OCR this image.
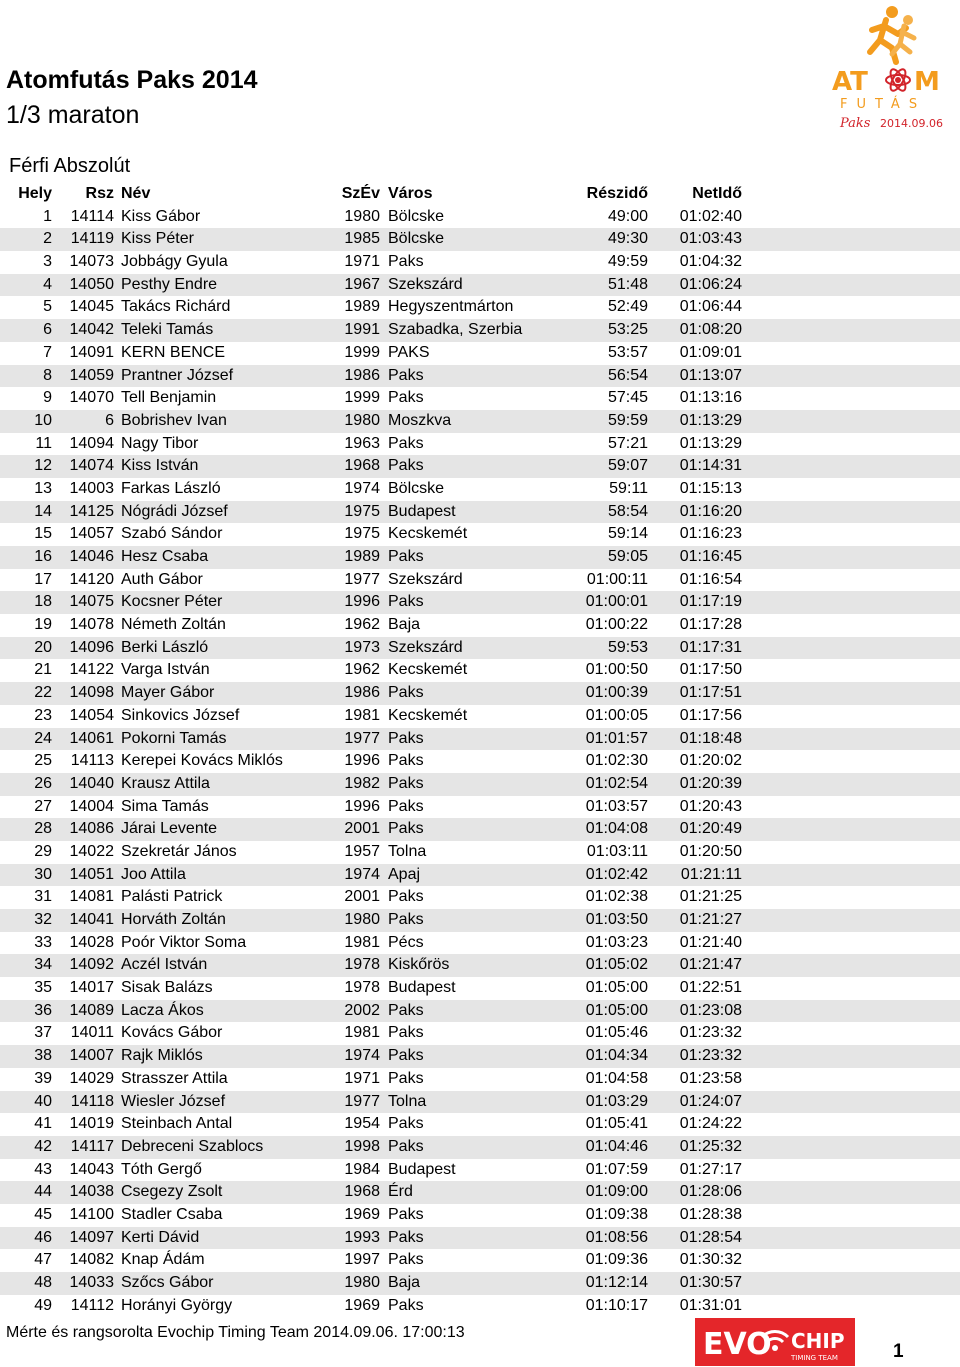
Atomfutás Paks 2014
1/3 maraton
Férfi Abszolút
AT M
FUTÁS
Paks 2014.09.06
Hely Rsz Név	SzÉv Város	Részidő	NetIdő
1 14114 Kiss Gábor	1980 Bölcske	49:00 01:02:40
2 14119 Kiss Péter	1985 Bölcske	49:30 01:03:43
3 14073 Jobbágy Gyula	1971 Paks	49:59 01:04:32
4 14050 Pesthy Endre	1967 Szekszárd	51:48 01:06:24
5 14045 Takács Richárd	1989 Hegyszentmárton	52:49 01:06:44
6 14042 Teleki Tamás	1991 Szabadka, Szerbia	53:25 01:08:20
7 14091 KERN BENCE	1999 PAKS	53:57 01:09:01
8 14059 Prantner József	1986 Paks	56:54 01:13:07
9 14070 Tell Benjamin	1999 Paks	57:45 01:13:16
10	6 Bobrishev Ivan	1980 Moszkva	59:59 01:13:29
11 14094 Nagy Tibor	1963 Paks	57:21 01:13:29
12 14074 Kiss István	1968 Paks	59:07 01:14:31
13 14003 Farkas László	1974 Bölcske	59:11 01:15:13
14 14125 Nógrádi József	1975 Budapest	58:54 01:16:20
15 14057 Szabó Sándor	1975 Kecskemét	59:14 01:16:23
16 14046 Hesz Csaba	1989 Paks	59:05 01:16:45
17 14120 Auth Gábor	1977 Szekszárd	01:00:11 01:16:54
18 14075 Kocsner Péter	1996 Paks	01:00:01 01:17:19
19 14078 Németh Zoltán	1962 Baja	01:00:22 01:17:28
20 14096 Berki László	1973 Szekszárd	59:53 01:17:31
21 14122 Varga István	1962 Kecskemét	01:00:50 01:17:50
22 14098 Mayer Gábor	1986 Paks	01:00:39 01:17:51
23 14054 Sinkovics József	1981 Kecskemét	01:00:05 01:17:56
24 14061 Pokorni Tamás	1977 Paks	01:01:57 01:18:48
25 14113 Kerepei Kovács Miklós	1996 Paks	01:02:30 01:20:02
26 14040 Krausz Attila	1982 Paks	01:02:54 01:20:39
27 14004 Sima Tamás	1996 Paks	01:03:57 01:20:43
28 14086 Járai Levente	2001 Paks	01:04:08 01:20:49
29 14022 Szekretár János	1957 Tolna	01:03:11 01:20:50
30 14051 Joo Attila	1974 Apaj	01:02:42 01:21:11
31 14081 Palásti Patrick	2001 Paks	01:02:38 01:21:25
32 14041 Horváth Zoltán	1980 Paks	01:03:50 01:21:27
33 14028 Poór Viktor Soma	1981 Pécs	01:03:23 01:21:40
34 14092 Aczél István	1978 Kiskőrös	01:05:02 01:21:47
35 14017 Sisak Balázs	1978 Budapest	01:05:00 01:22:51
36 14089 Lacza Ákos	2002 Paks	01:05:00 01:23:08
37 14011 Kovács Gábor	1981 Paks	01:05:46 01:23:32
38 14007 Rajk Miklós	1974 Paks	01:04:34 01:23:32
39 14029 Strasszer Attila	1971 Paks	01:04:58 01:23:58
40 14118 Wiesler József	1977 Tolna	01:03:29 01:24:07
41 14019 Steinbach Antal	1954 Paks	01:05:41 01:24:22
42 14117 Debreceni Szablocs	1998 Paks	01:04:46 01:25:32
43 14043 Tóth Gergő	1984 Budapest	01:07:59 01:27:17
44 14038 Csegezy Zsolt	1968 Érd	01:09:00 01:28:06
45 14100 Stadler Csaba	1969 Paks	01:09:38 01:28:38
46 14097 Kerti Dávid	1993 Paks	01:08:56 01:28:54
47 14082 Knap Ádám	1997 Paks	01:09:36 01:30:32
48 14033 Szőcs Gábor	1980 Baja	01:12:14 01:30:57
49 14112 Horányi György	1969 Paks	01:10:17 01:31:01
Mérte és rangsorolta Evochip Timing Team 2014.09.06. 17:00:13	EVO CHIP
TIMING TEAM	1
